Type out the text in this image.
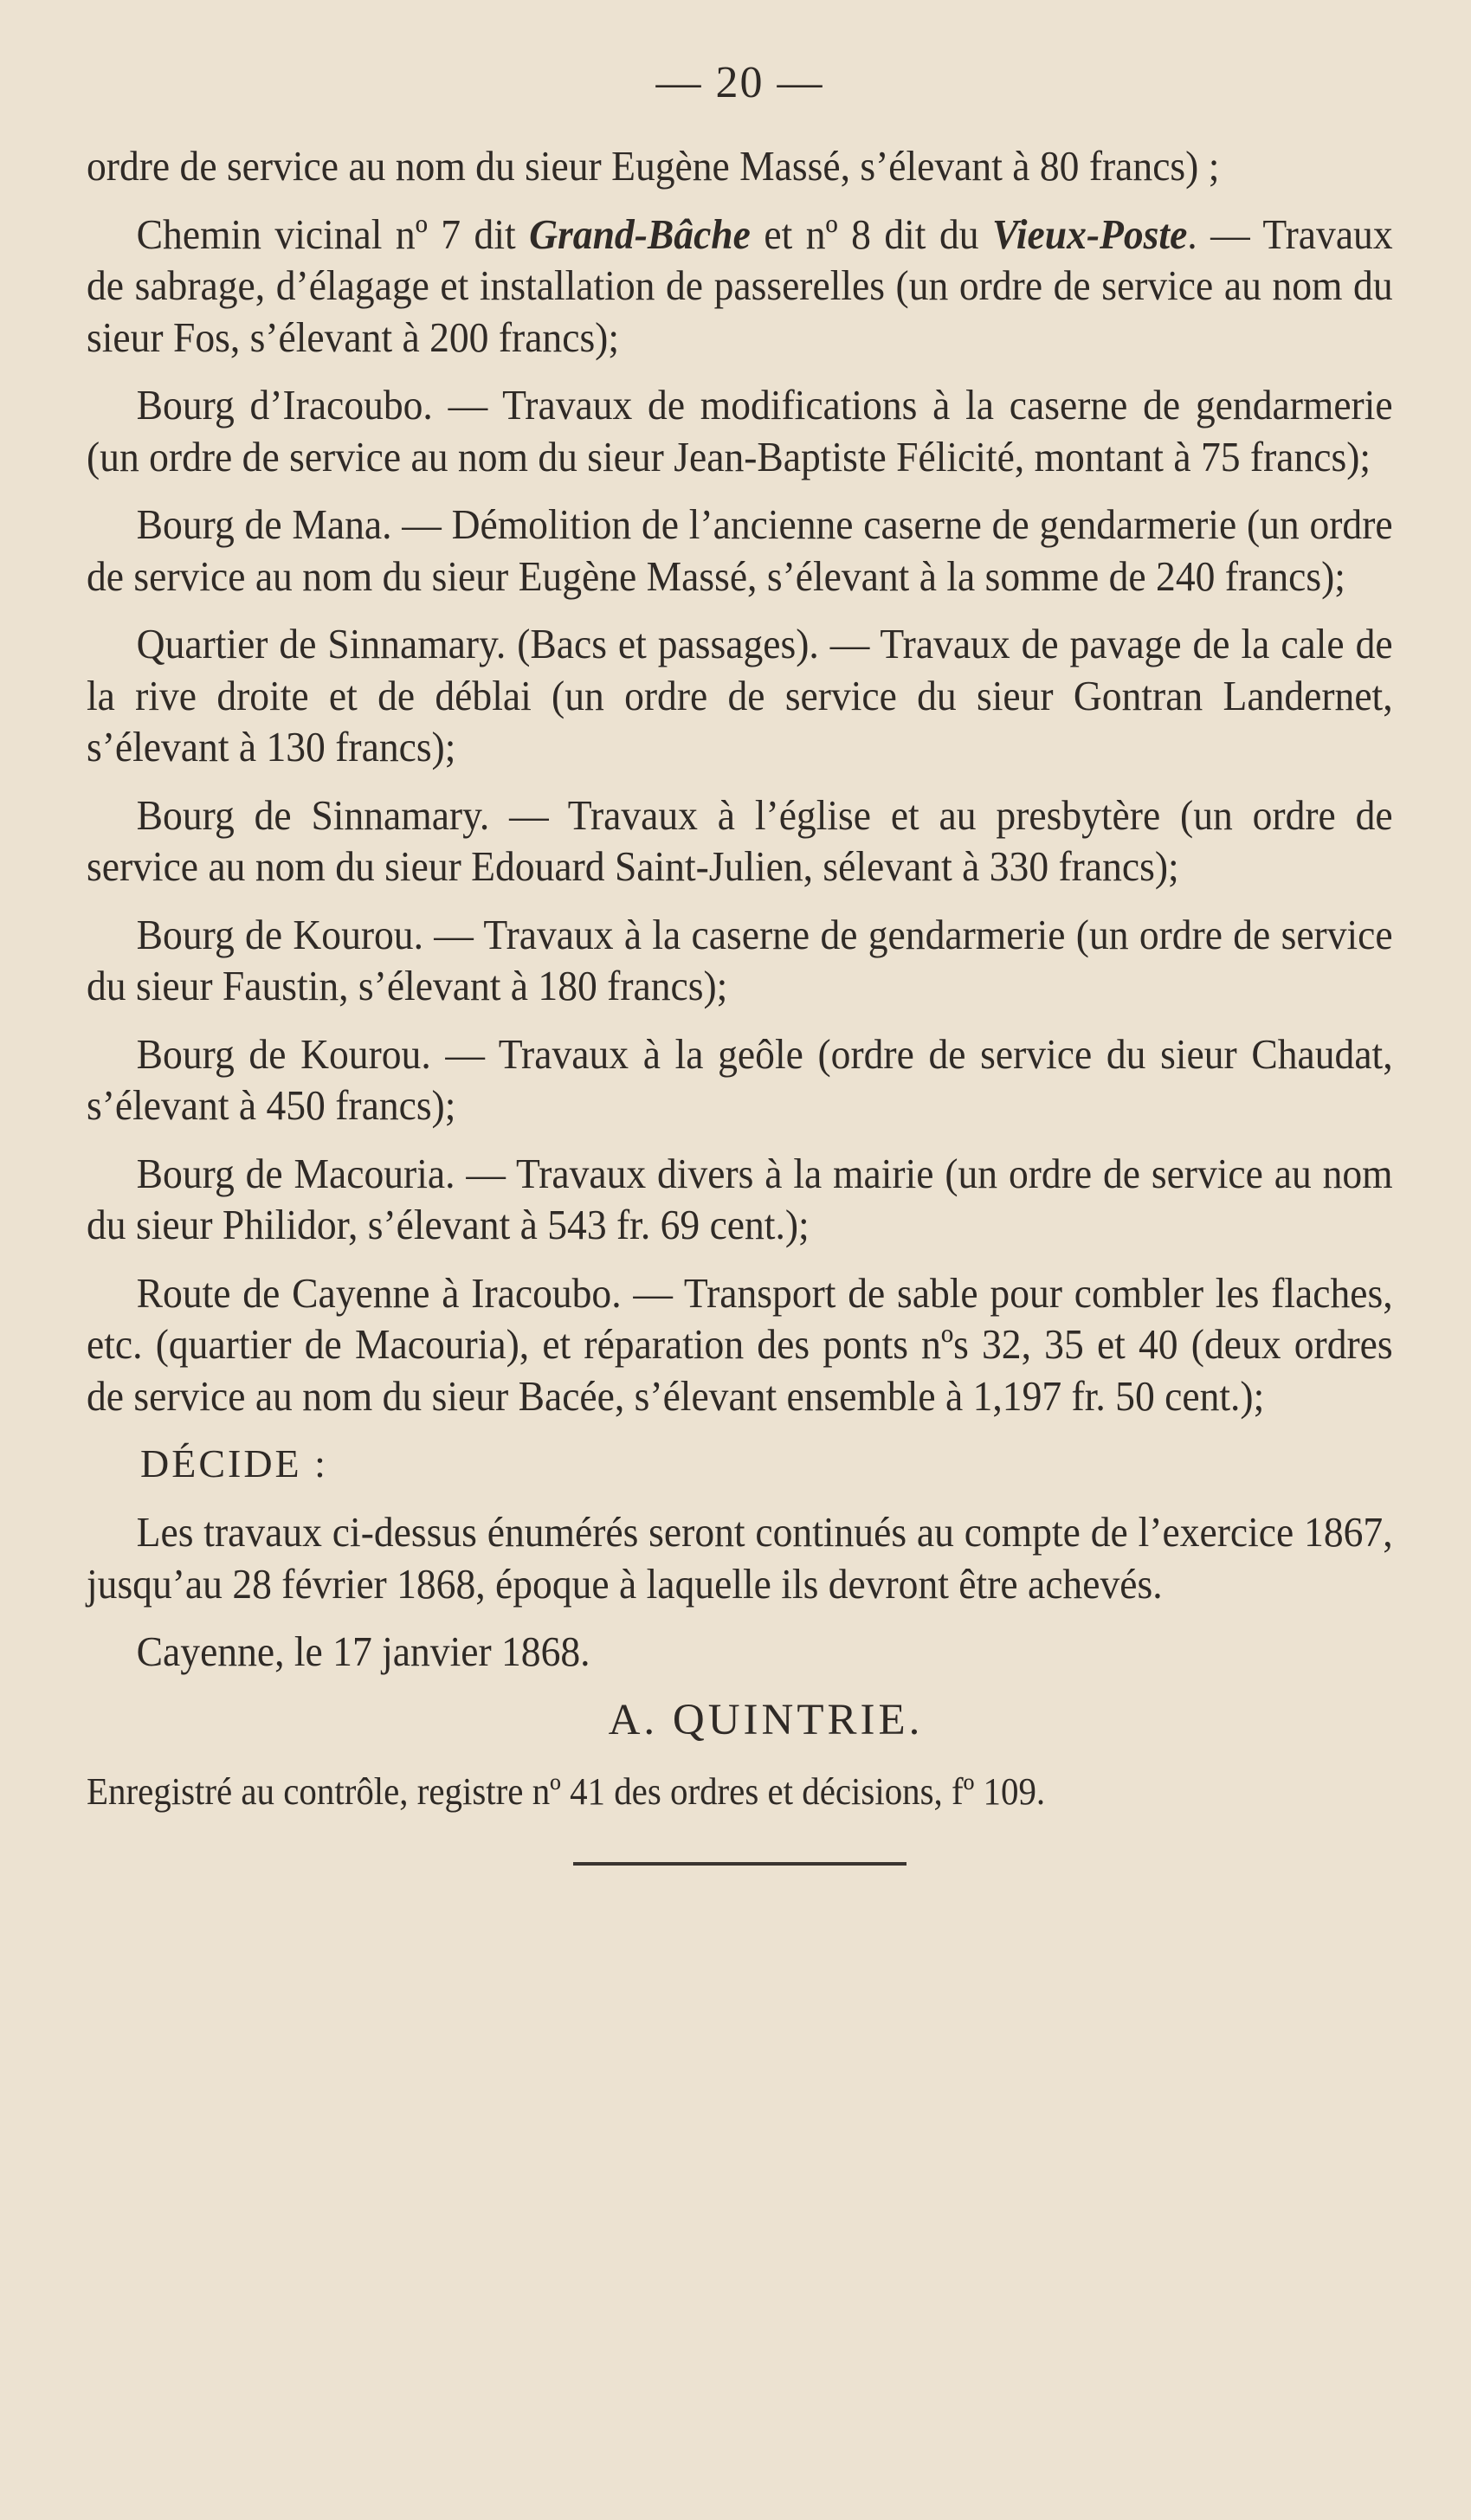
— 20 —

ordre de service au nom du sieur Eugène Massé, s’élevant à 80 francs) ;

Chemin vicinal nº 7 dit Grand-Bâche et nº 8 dit du Vieux-Poste. — Travaux de sabrage, d’élagage et installation de passerelles (un ordre de service au nom du sieur Fos, s’élevant à 200 francs);

Bourg d’Iracoubo. — Travaux de modifications à la caserne de gendarmerie (un ordre de service au nom du sieur Jean-Baptiste Félicité, montant à 75 francs);

Bourg de Mana. — Démolition de l’ancienne caserne de gendarmerie (un ordre de service au nom du sieur Eugène Massé, s’élevant à la somme de 240 francs);

Quartier de Sinnamary. (Bacs et passages). — Travaux de pavage de la cale de la rive droite et de déblai (un ordre de service du sieur Gontran Landernet, s’élevant à 130 francs);

Bourg de Sinnamary. — Travaux à l’église et au presbytère (un ordre de service au nom du sieur Edouard Saint-Julien, sélevant à 330 francs);

Bourg de Kourou. — Travaux à la caserne de gendarmerie (un ordre de service du sieur Faustin, s’élevant à 180 francs);

Bourg de Kourou. — Travaux à la geôle (ordre de service du sieur Chaudat, s’élevant à 450 francs);

Bourg de Macouria. — Travaux divers à la mairie (un ordre de service au nom du sieur Philidor, s’élevant à 543 fr. 69 cent.);

Route de Cayenne à Iracoubo. — Transport de sable pour combler les flaches, etc. (quartier de Macouria), et réparation des ponts nºs 32, 35 et 40 (deux ordres de service au nom du sieur Bacée, s’élevant ensemble à 1,197 fr. 50 cent.);

DÉCIDE :

Les travaux ci-dessus énumérés seront continués au compte de l’exercice 1867, jusqu’au 28 février 1868, époque à laquelle ils devront être achevés.

Cayenne, le 17 janvier 1868.

A. QUINTRIE.
Enregistré au contrôle, registre nº 41 des ordres et décisions, fº 109.
